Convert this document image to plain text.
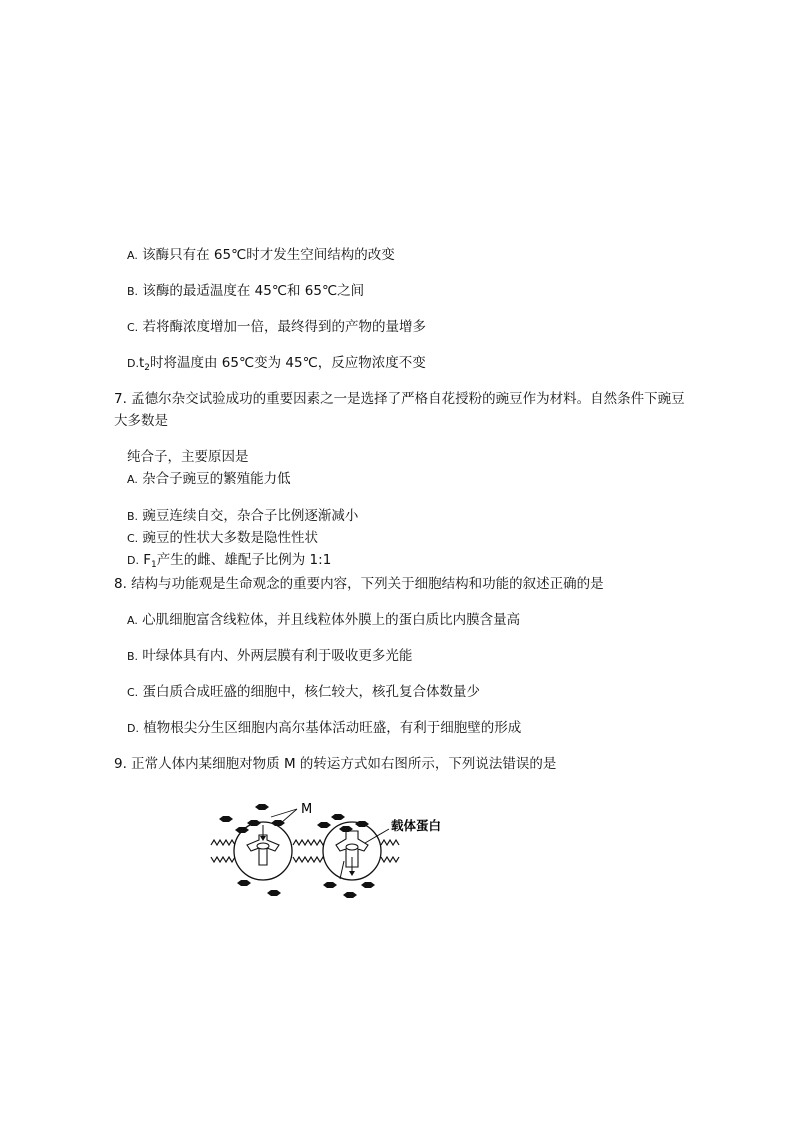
A. 该酶只有在 65℃时才发生空间结构的改变
B. 该酶的最适温度在 45℃和 65℃之间
C. 若将酶浓度增加一倍，最终得到的产物的量增多
$D.t_2$时将温度由 65℃变为 45℃，反应物浓度不变
7. 孟德尔杂交试验成功的重要因素之一是选择了严格自花授粉的豌豆作为材料。自然条件下豌豆
大多数是
纯合子，主要原因是
A. 杂合子豌豆的繁殖能力低
B. 豌豆连续自交，杂合子比例逐渐减小
C. 豌豆的性状大多数是隐性性状
D. $F_1$产生的雌、雄配子比例为 1:1
8. 结构与功能观是生命观念的重要内容，下列关于细胞结构和功能的叙述正确的是
A. 心肌细胞富含线粒体，并且线粒体外膜上的蛋白质比内膜含量高
B. 叶绿体具有内、外两层膜有利于吸收更多光能
C. 蛋白质合成旺盛的细胞中，核仁较大，核孔复合体数量少
D. 植物根尖分生区细胞内高尔基体活动旺盛，有利于细胞壁的形成
9. 正常人体内某细胞对物质 M 的转运方式如右图所示，下列说法错误的是
M
载体蛋白
